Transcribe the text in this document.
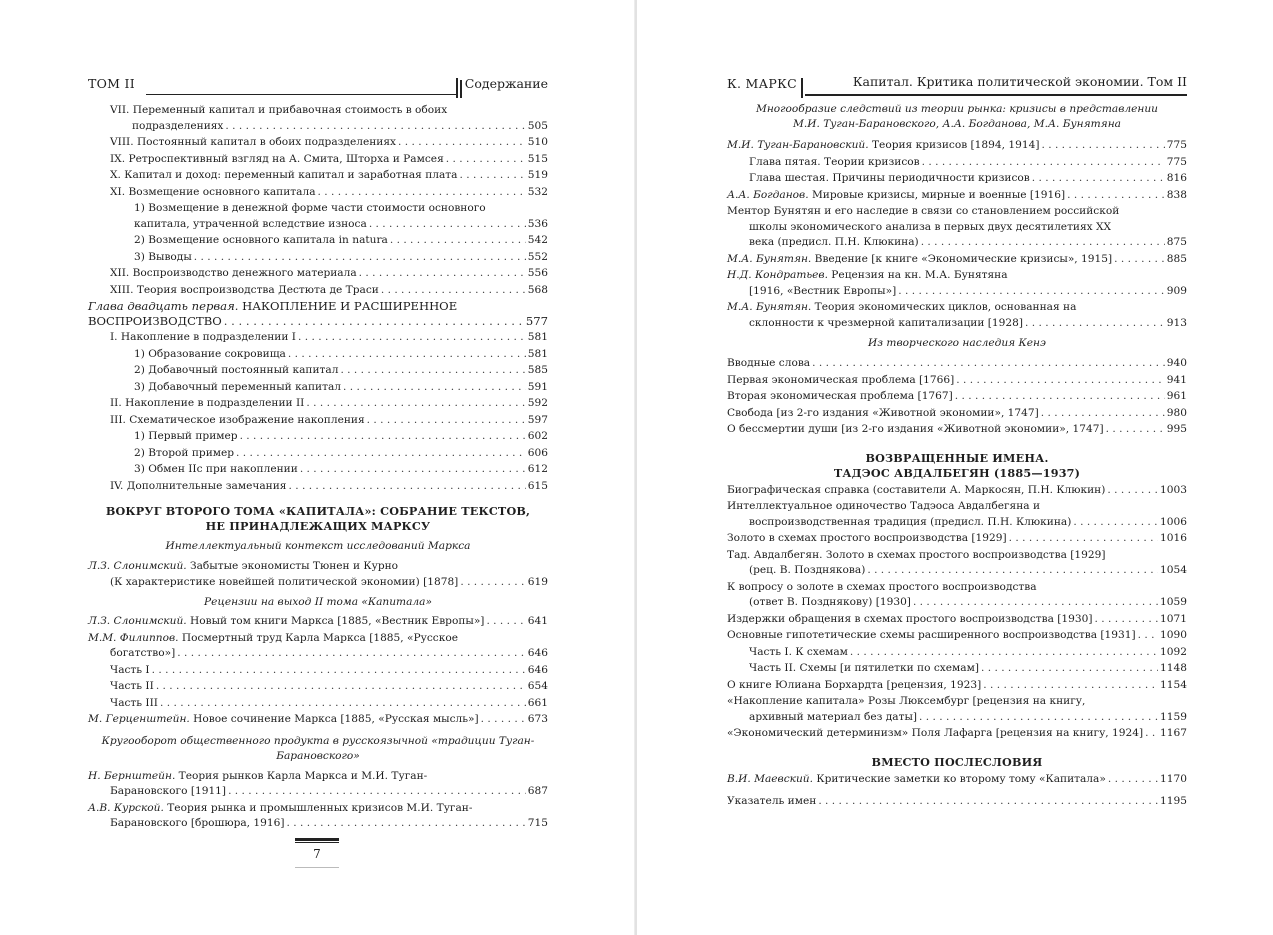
ТОМ II	Содержание
VII. Переменный капитал и прибавочная стоимость в обоих
подразделениях . . .	505
VIII. Постоянный капитал в обоих подразделениях . . .	510
IX. Ретроспективный взгляд на А. Смита, Шторха и Рамсея . . .	515
X. Капитал и доход: переменный капитал и заработная плата . . .	519
XI. Возмещение основного капитала . . .	532
1) Возмещение в денежной форме части стоимости основного
капитала, утраченной вследствие износа . . .	536
2) Возмещение основного капитала in natura . . .	542
3) Выводы . . .	552
XII. Воспроизводство денежного материала . . .	556
XIII. Теория воспроизводства Дестюта де Траси . . .	568
Глава двадцать первая. НАКОПЛЕНИЕ И РАСШИРЕННОЕ
ВОСПРОИЗВОДСТВО . . .	577
I. Накопление в подразделении I . . .	581
1) Образование сокровища . . .	581
2) Добавочный постоянный капитал . . .	585
3) Добавочный переменный капитал . . .	591
II. Накопление в подразделении II . . .	592
III. Схематическое изображение накопления . . .	597
1) Первый пример . . .	602
2) Второй пример . . .	606
3) Обмен IIc при накоплении . . .	612
IV. Дополнительные замечания . . .	615
ВОКРУГ ВТОРОГО ТОМА «КАПИТАЛА»: СОБРАНИЕ ТЕКСТОВ,
НЕ ПРИНАДЛЕЖАЩИХ МАРКСУ
Интеллектуальный контекст исследований Маркса
Л.З. Слонимский. Забытые экономисты Тюнен и Курно
(К характеристике новейшей политической экономии) [1878] . . .	619
Рецензии на выход II тома «Капитала»
Л.З. Слонимский. Новый том книги Маркса [1885, «Вестник Европы»] . . .	641
М.М. Филиппов. Посмертный труд Карла Маркса [1885, «Русское
богатство»] . . .	646
Часть I . . .	646
Часть II . . .	654
Часть III . . .	661
М. Герценштейн. Новое сочинение Маркса [1885, «Русская мысль»] . . .	673
Кругооборот общественного продукта в русскоязычной «традиции Туган-
Барановского»
Н. Бернштейн. Теория рынков Карла Маркса и М.И. Туган-
Барановского [1911] . . .	687
А.В. Курской. Теория рынка и промышленных кризисов М.И. Туган-
Барановского [брошюра, 1916] . . .	715
7
К. МАРКС	Капитал. Критика политической экономии. Том II
Многообразие следствий из теории рынка: кризисы в представлении
М.И. Туган-Барановского, А.А. Богданова, М.А. Бунятяна
М.И. Туган-Барановский. Теория кризисов [1894, 1914] . . .	775
Глава пятая. Теории кризисов . . .	775
Глава шестая. Причины периодичности кризисов . . .	816
А.А. Богданов. Мировые кризисы, мирные и военные [1916] . . .	838
Ментор Бунятян и его наследие в связи со становлением российской
школы экономического анализа в первых двух десятилетиях XX
века (предисл. П.Н. Клюкина) . . .	875
М.А. Бунятян. Введение [к книге «Экономические кризисы», 1915] . . .	885
Н.Д. Кондратьев. Рецензия на кн. М.А. Бунятяна
[1916, «Вестник Европы»] . . .	909
М.А. Бунятян. Теория экономических циклов, основанная на
склонности к чрезмерной капитализации [1928] . . .	913
Из творческого наследия Кенэ
Вводные слова . . .	940
Первая экономическая проблема [1766] . . .	941
Вторая экономическая проблема [1767] . . .	961
Свобода [из 2-го издания «Животной экономии», 1747] . . .	980
О бессмертии души [из 2-го издания «Животной экономии», 1747] . . .	995
ВОЗВРАЩЕННЫЕ ИМЕНА.
ТАДЭОС АВДАЛБЕГЯН (1885—1937)
Биографическая справка (составители А. Маркосян, П.Н. Клюкин) . . .	1003
Интеллектуальное одиночество Тадэоса Авдалбегяна и
воспроизводственная традиция (предисл. П.Н. Клюкина) . . .	1006
Золото в схемах простого воспроизводства [1929] . . .	1016
Тад. Авдалбегян. Золото в схемах простого воспроизводства [1929]
(рец. В. Позднякова) . . .	1054
К вопросу о золоте в схемах простого воспроизводства
(ответ В. Позднякову) [1930] . . .	1059
Издержки обращения в схемах простого воспроизводства [1930] . . .	1071
Основные гипотетические схемы расширенного воспроизводства [1931] . . . 1090
Часть I. К схемам . . .	1092
Часть II. Схемы [и пятилетки по схемам] . . .	1148
О книге Юлиана Борхардта [рецензия, 1923] . . .	1154
«Накопление капитала» Розы Люксембург [рецензия на книгу,
архивный материал без даты] . . .	1159
«Экономический детерминизм» Поля Лафарга [рецензия на книгу, 1924] . . . 1167
ВМЕСТО ПОСЛЕСЛОВИЯ
В.И. Маевский. Критические заметки ко второму тому «Капитала» . . .	1170
Указатель имен . . .	1195
